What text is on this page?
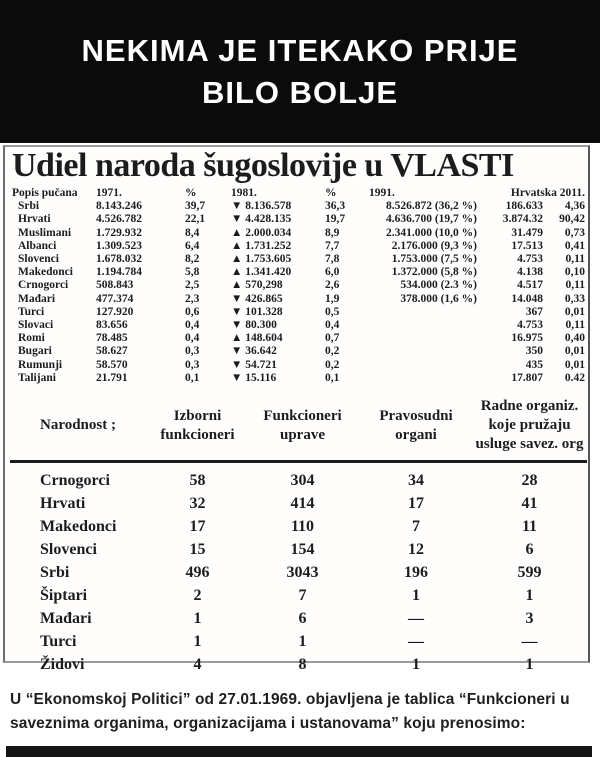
NEKIMA JE ITEKAKO PRIJE
BILO BOLJE
Udiel naroda šugoslovije u VLASTI
Popis pučana	1971.	%	1981.	%	1991.	Hrvatska 2011.	
Srbi	8.143.246	39,7	▼ 8.136.578	36,3	8.526.872 (36,2 %)	186.633	4,36
Hrvati	4.526.782	22,1	▼ 4.428.135	19,7	4.636.700 (19,7 %)	3.874.32	90,42
Muslimani	1.729.932	8,4	▲ 2.000.034	8,9	2.341.000 (10,0 %)	31.479	0,73
Albanci	1.309.523	6,4	▲ 1.731.252	7,7	2.176.000 (9,3 %)	17.513	0,41
Slovenci	1.678.032	8,2	▲ 1.753.605	7,8	1.753.000 (7,5 %)	4.753	0,11
Makedonci	1.194.784	5,8	▲ 1.341.420	6,0	1.372.000 (5,8 %)	4.138	0,10
Crnogorci	508.843	2,5	▲ 570,298	2,6	534.000 (2.3 %)	4.517	0,11
Mađari	477.374	2,3	▼ 426.865	1,9	378.000 (1,6 %)	14.048	0,33
Turci	127.920	0,6	▼ 101.328	0,5		367	0,01
Slovaci	83.656	0,4	▼ 80.300	0,4		4.753	0,11
Romi	78.485	0,4	▲ 148.604	0,7		16.975	0,40
Bugari	58.627	0,3	▼ 36.642	0,2		350	0,01
Rumunji	58.570	0,3	▼ 54.721	0,2		435	0,01
Talijani	21.791	0,1	▼ 15.116	0,1		17.807	0.42
Narodnost ;	Izborni funkcioneri	Funkcioneri uprave	Pravosudni organi	Radne organiz. koje pružaju usluge savez. org
Crnogorci	58	304	34	28
Hrvati	32	414	17	41
Makedonci	17	110	7	11
Slovenci	15	154	12	6
Srbi	496	3043	196	599
Šiptari	2	7	1	1
Mađari	1	6	—	3
Turci	1	1	—	—
Židovi	4	8	1	1
U “Ekonomskoj Politici” od 27.01.1969. objavljena je tablica “Funkcioneri u saveznima organima, organizacijama i ustanovama” koju prenosimo:
